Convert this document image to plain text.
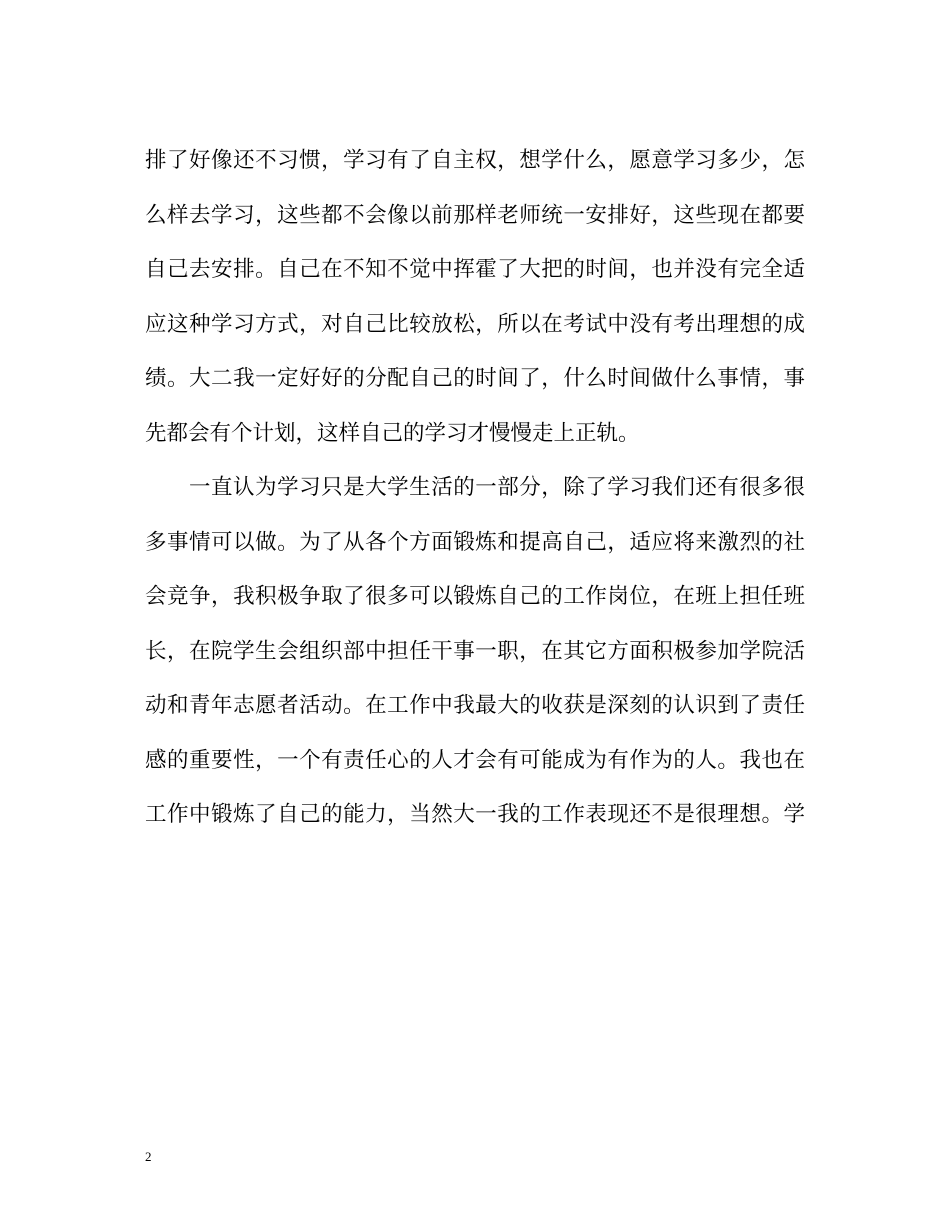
排了好像还不习惯，学习有了自主权，想学什么，愿意学习多少，怎
么样去学习，这些都不会像以前那样老师统一安排好，这些现在都要
自己去安排。自己在不知不觉中挥霍了大把的时间，也并没有完全适
应这种学习方式，对自己比较放松，所以在考试中没有考出理想的成
绩。大二我一定好好的分配自己的时间了，什么时间做什么事情，事
先都会有个计划，这样自己的学习才慢慢走上正轨。
一直认为学习只是大学生活的一部分，除了学习我们还有很多很
多事情可以做。为了从各个方面锻炼和提高自己，适应将来激烈的社
会竞争，我积极争取了很多可以锻炼自己的工作岗位，在班上担任班
长，在院学生会组织部中担任干事一职，在其它方面积极参加学院活
动和青年志愿者活动。在工作中我最大的收获是深刻的认识到了责任
感的重要性，一个有责任心的人才会有可能成为有作为的人。我也在
工作中锻炼了自己的能力，当然大一我的工作表现还不是很理想。学
2
